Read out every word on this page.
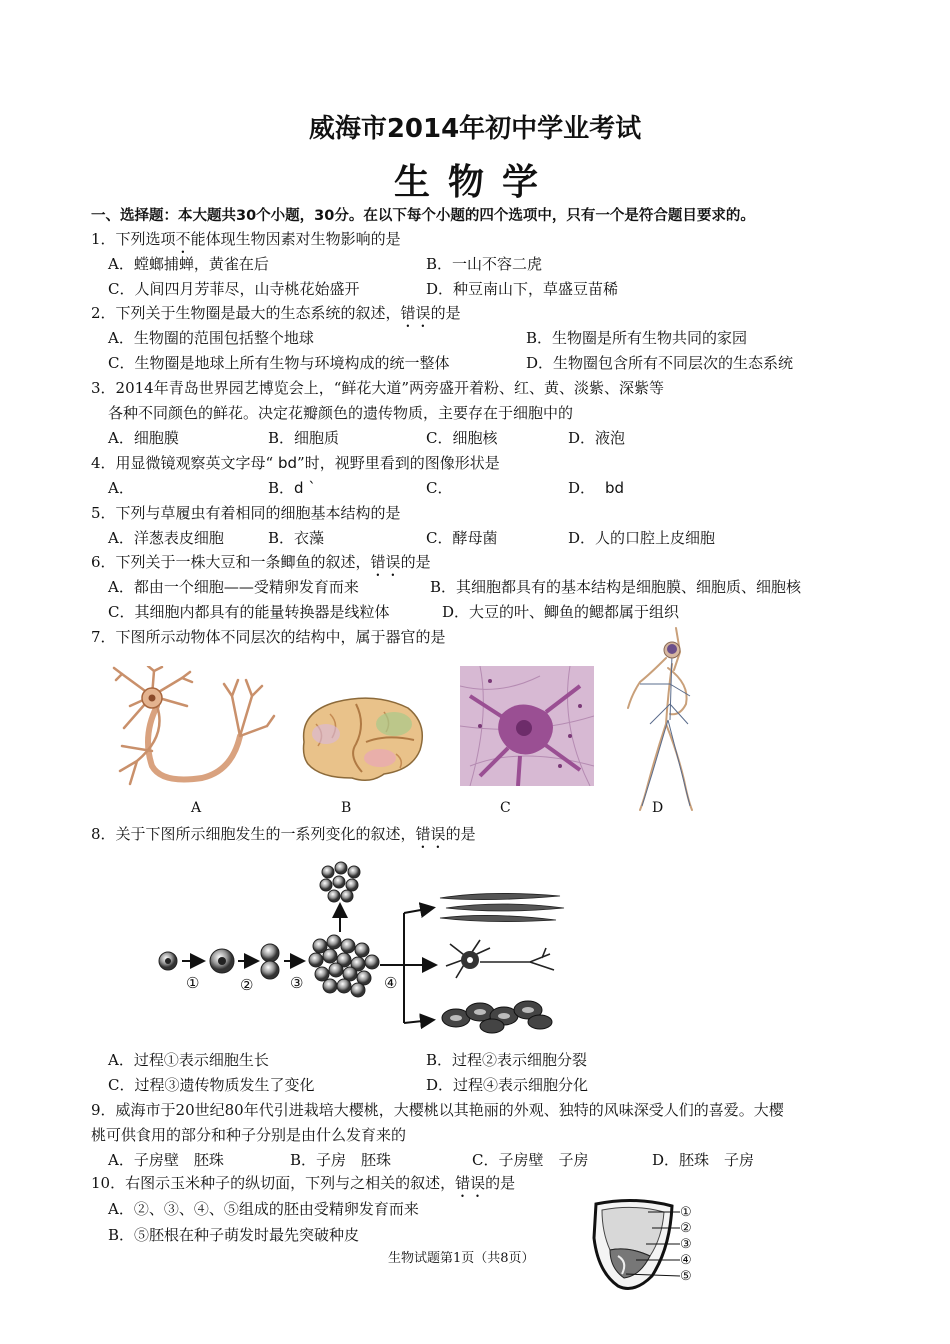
威海市2014年初中学业考试
生物学
一、选择题：本大题共30个小题，30分。在以下每个小题的四个选项中，只有一个是符合题目要求的。
1．下列选项不能体现生物因素对生物影响的是
A．螳螂捕蝉，黄雀在后	B．一山不容二虎
C．人间四月芳菲尽，山寺桃花始盛开	D．种豆南山下，草盛豆苗稀
2．下列关于生物圈是最大的生态系统的叙述，错误的是
A．生物圈的范围包括整个地球	B．生物圈是所有生物共同的家园
C．生物圈是地球上所有生物与环境构成的统一整体	D．生物圈包含所有不同层次的生态系统
3．2014年青岛世界园艺博览会上，“鲜花大道”两旁盛开着粉、红、黄、淡紫、深紫等
各种不同颜色的鲜花。决定花瓣颜色的遗传物质，主要存在于细胞中的
A．细胞膜	B．细胞质	C．细胞核	D．液泡
4．用显微镜观察英文字母“ bd”时，视野里看到的图像形状是
A．	B．d ˋ	C．	D． bd
5．下列与草履虫有着相同的细胞基本结构的是
A．洋葱表皮细胞	B．衣藻	C．酵母菌	D．人的口腔上皮细胞
6．下列关于一株大豆和一条鲫鱼的叙述，错误的是
A．都由一个细胞——受精卵发育而来	B．其细胞都具有的基本结构是细胞膜、细胞质、细胞核
C．其细胞内都具有的能量转换器是线粒体	D．大豆的叶、鲫鱼的鳃都属于组织
7．下图所示动物体不同层次的结构中，属于器官的是
A	B	C	D
8．关于下图所示细胞发生的一系列变化的叙述，错误的是
①	② ③	④
A．过程①表示细胞生长	B．过程②表示细胞分裂
C．过程③遗传物质发生了变化	D．过程④表示细胞分化
9．威海市于20世纪80年代引进栽培大樱桃，大樱桃以其艳丽的外观、独特的风味深受人们的喜爱。大樱
桃可供食用的部分和种子分别是由什么发育来的
A．子房壁　胚珠	B．子房　胚珠	C．子房壁　子房	D．胚珠　子房
10．右图示玉米种子的纵切面，下列与之相关的叙述，错误的是
A．②、③、④、⑤组成的胚由受精卵发育而来
B．⑤胚根在种子萌发时最先突破种皮
①
②
③
④
⑤
生物试题第1页（共8页）
